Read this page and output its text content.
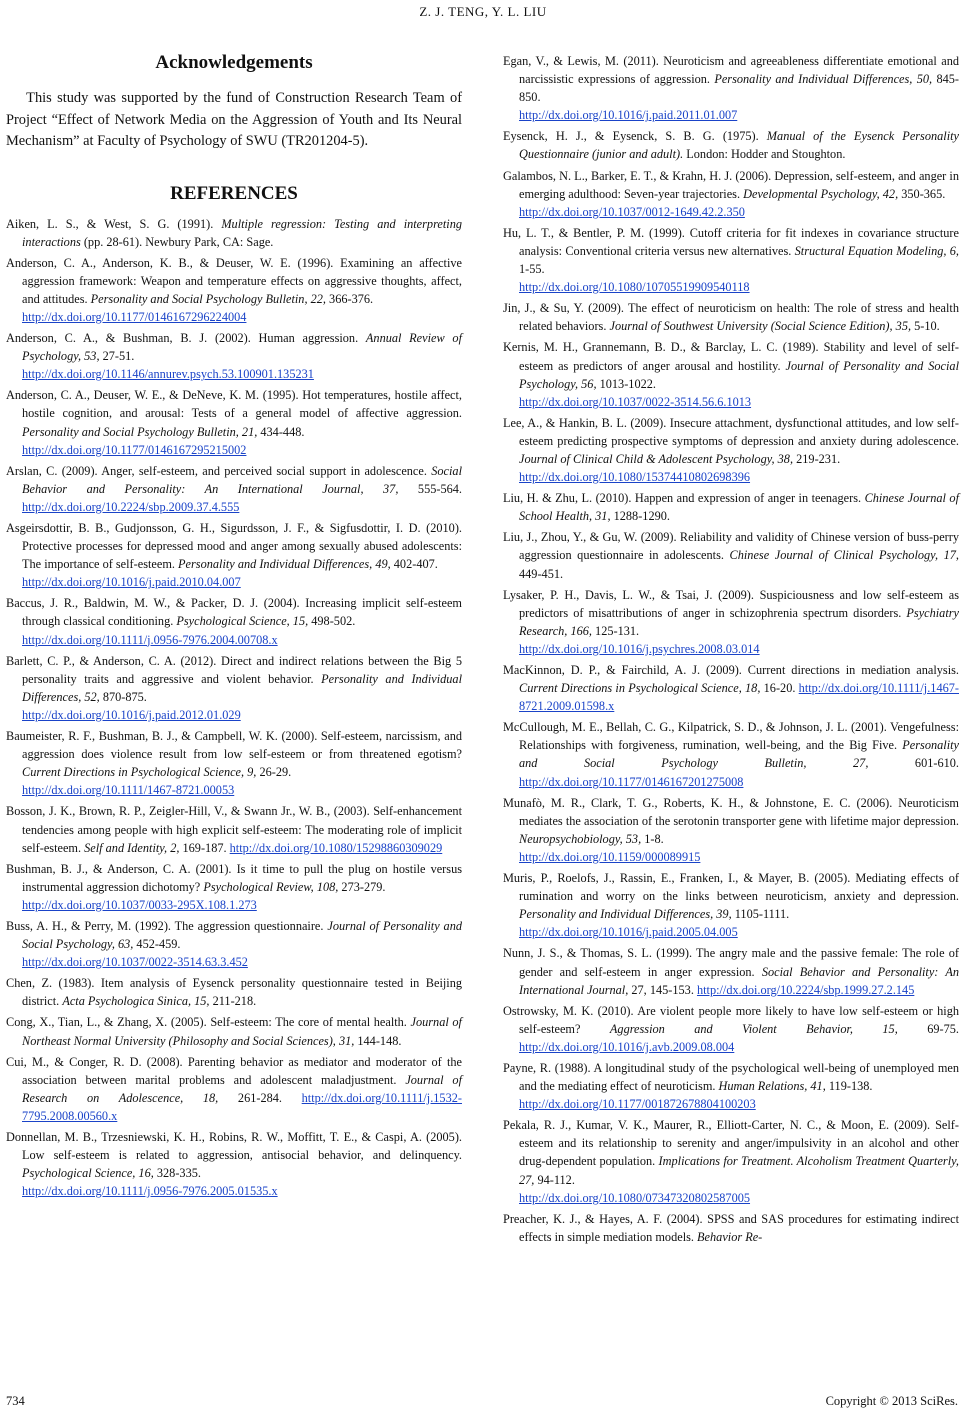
Z. J. TENG, Y. L. LIU
Acknowledgements

This study was supported by the fund of Construction Research Team of Project “Effect of Network Media on the Aggression of Youth and Its Neural Mechanism” at Faculty of Psychology of SWU (TR201204-5).

REFERENCES

Aiken, L. S., & West, S. G. (1991). Multiple regression: Testing and interpreting interactions (pp. 28-61). Newbury Park, CA: Sage.

Anderson, C. A., Anderson, K. B., & Deuser, W. E. (1996). Examining an affective aggression framework: Weapon and temperature effects on aggressive thoughts, affect, and attitudes. Personality and Social Psychology Bulletin, 22, 366-376.
http://dx.doi.org/10.1177/0146167296224004

Anderson, C. A., & Bushman, B. J. (2002). Human aggression. Annual Review of Psychology, 53, 27-51.
http://dx.doi.org/10.1146/annurev.psych.53.100901.135231

Anderson, C. A., Deuser, W. E., & DeNeve, K. M. (1995). Hot temperatures, hostile affect, hostile cognition, and arousal: Tests of a general model of affective aggression. Personality and Social Psychology Bulletin, 21, 434-448.
http://dx.doi.org/10.1177/0146167295215002

Arslan, C. (2009). Anger, self-esteem, and perceived social support in adolescence. Social Behavior and Personality: An International Journal, 37, 555-564. http://dx.doi.org/10.2224/sbp.2009.37.4.555

Asgeirsdottir, B. B., Gudjonsson, G. H., Sigurdsson, J. F., & Sigfusdottir, I. D. (2010). Protective processes for depressed mood and anger among sexually abused adolescents: The importance of self-esteem. Personality and Individual Differences, 49, 402-407.
http://dx.doi.org/10.1016/j.paid.2010.04.007

Baccus, J. R., Baldwin, M. W., & Packer, D. J. (2004). Increasing implicit self-esteem through classical conditioning. Psychological Science, 15, 498-502.
http://dx.doi.org/10.1111/j.0956-7976.2004.00708.x

Barlett, C. P., & Anderson, C. A. (2012). Direct and indirect relations between the Big 5 personality traits and aggressive and violent behavior. Personality and Individual Differences, 52, 870-875.
http://dx.doi.org/10.1016/j.paid.2012.01.029

Baumeister, R. F., Bushman, B. J., & Campbell, W. K. (2000). Self-esteem, narcissism, and aggression does violence result from low self-esteem or from threatened egotism? Current Directions in Psychological Science, 9, 26-29.
http://dx.doi.org/10.1111/1467-8721.00053

Bosson, J. K., Brown, R. P., Zeigler-Hill, V., & Swann Jr., W. B., (2003). Self-enhancement tendencies among people with high explicit self-esteem: The moderating role of implicit self-esteem. Self and Identity, 2, 169-187. http://dx.doi.org/10.1080/15298860309029

Bushman, B. J., & Anderson, C. A. (2001). Is it time to pull the plug on hostile versus instrumental aggression dichotomy? Psychological Review, 108, 273-279.
http://dx.doi.org/10.1037/0033-295X.108.1.273

Buss, A. H., & Perry, M. (1992). The aggression questionnaire. Journal of Personality and Social Psychology, 63, 452-459.
http://dx.doi.org/10.1037/0022-3514.63.3.452

Chen, Z. (1983). Item analysis of Eysenck personality questionnaire tested in Beijing district. Acta Psychologica Sinica, 15, 211-218.

Cong, X., Tian, L., & Zhang, X. (2005). Self-esteem: The core of mental health. Journal of Northeast Normal University (Philosophy and Social Sciences), 31, 144-148.

Cui, M., & Conger, R. D. (2008). Parenting behavior as mediator and moderator of the association between marital problems and adolescent maladjustment. Journal of Research on Adolescence, 18, 261-284. http://dx.doi.org/10.1111/j.1532-7795.2008.00560.x

Donnellan, M. B., Trzesniewski, K. H., Robins, R. W., Moffitt, T. E., & Caspi, A. (2005). Low self-esteem is related to aggression, antisocial behavior, and delinquency. Psychological Science, 16, 328-335.
http://dx.doi.org/10.1111/j.0956-7976.2005.01535.x

Egan, V., & Lewis, M. (2011). Neuroticism and agreeableness differentiate emotional and narcissistic expressions of aggression. Personality and Individual Differences, 50, 845-850.
http://dx.doi.org/10.1016/j.paid.2011.01.007

Eysenck, H. J., & Eysenck, S. B. G. (1975). Manual of the Eysenck Personality Questionnaire (junior and adult). London: Hodder and Stoughton.

Galambos, N. L., Barker, E. T., & Krahn, H. J. (2006). Depression, self-esteem, and anger in emerging adulthood: Seven-year trajectories. Developmental Psychology, 42, 350-365.
http://dx.doi.org/10.1037/0012-1649.42.2.350

Hu, L. T., & Bentler, P. M. (1999). Cutoff criteria for fit indexes in covariance structure analysis: Conventional criteria versus new alternatives. Structural Equation Modeling, 6, 1-55.
http://dx.doi.org/10.1080/10705519909540118

Jin, J., & Su, Y. (2009). The effect of neuroticism on health: The role of stress and health related behaviors. Journal of Southwest University (Social Science Edition), 35, 5-10.

Kernis, M. H., Grannemann, B. D., & Barclay, L. C. (1989). Stability and level of self-esteem as predictors of anger arousal and hostility. Journal of Personality and Social Psychology, 56, 1013-1022.
http://dx.doi.org/10.1037/0022-3514.56.6.1013

Lee, A., & Hankin, B. L. (2009). Insecure attachment, dysfunctional attitudes, and low self-esteem predicting prospective symptoms of depression and anxiety during adolescence. Journal of Clinical Child & Adolescent Psychology, 38, 219-231.
http://dx.doi.org/10.1080/15374410802698396

Liu, H. & Zhu, L. (2010). Happen and expression of anger in teenagers. Chinese Journal of School Health, 31, 1288-1290.

Liu, J., Zhou, Y., & Gu, W. (2009). Reliability and validity of Chinese version of buss-perry aggression questionnaire in adolescents. Chinese Journal of Clinical Psychology, 17, 449-451.

Lysaker, P. H., Davis, L. W., & Tsai, J. (2009). Suspiciousness and low self-esteem as predictors of misattributions of anger in schizophrenia spectrum disorders. Psychiatry Research, 166, 125-131.
http://dx.doi.org/10.1016/j.psychres.2008.03.014

MacKinnon, D. P., & Fairchild, A. J. (2009). Current directions in mediation analysis. Current Directions in Psychological Science, 18, 16-20. http://dx.doi.org/10.1111/j.1467-8721.2009.01598.x

McCullough, M. E., Bellah, C. G., Kilpatrick, S. D., & Johnson, J. L. (2001). Vengefulness: Relationships with forgiveness, rumination, well-being, and the Big Five. Personality and Social Psychology Bulletin, 27, 601-610. http://dx.doi.org/10.1177/0146167201275008

Munafò, M. R., Clark, T. G., Roberts, K. H., & Johnstone, E. C. (2006). Neuroticism mediates the association of the serotonin transporter gene with lifetime major depression. Neuropsychobiology, 53, 1-8.
http://dx.doi.org/10.1159/000089915

Muris, P., Roelofs, J., Rassin, E., Franken, I., & Mayer, B. (2005). Mediating effects of rumination and worry on the links between neuroticism, anxiety and depression. Personality and Individual Differences, 39, 1105-1111.
http://dx.doi.org/10.1016/j.paid.2005.04.005

Nunn, J. S., & Thomas, S. L. (1999). The angry male and the passive female: The role of gender and self-esteem in anger expression. Social Behavior and Personality: An International Journal, 27, 145-153. http://dx.doi.org/10.2224/sbp.1999.27.2.145

Ostrowsky, M. K. (2010). Are violent people more likely to have low self-esteem or high self-esteem? Aggression and Violent Behavior, 15, 69-75. http://dx.doi.org/10.1016/j.avb.2009.08.004

Payne, R. (1988). A longitudinal study of the psychological well-being of unemployed men and the mediating effect of neuroticism. Human Relations, 41, 119-138.
http://dx.doi.org/10.1177/001872678804100203

Pekala, R. J., Kumar, V. K., Maurer, R., Elliott-Carter, N. C., & Moon, E. (2009). Self-esteem and its relationship to serenity and anger/impulsivity in an alcohol and other drug-dependent population. Implications for Treatment. Alcoholism Treatment Quarterly, 27, 94-112.
http://dx.doi.org/10.1080/07347320802587005

Preacher, K. J., & Hayes, A. F. (2004). SPSS and SAS procedures for estimating indirect effects in simple mediation models. Behavior Re-

734	Copyright © 2013 SciRes.
